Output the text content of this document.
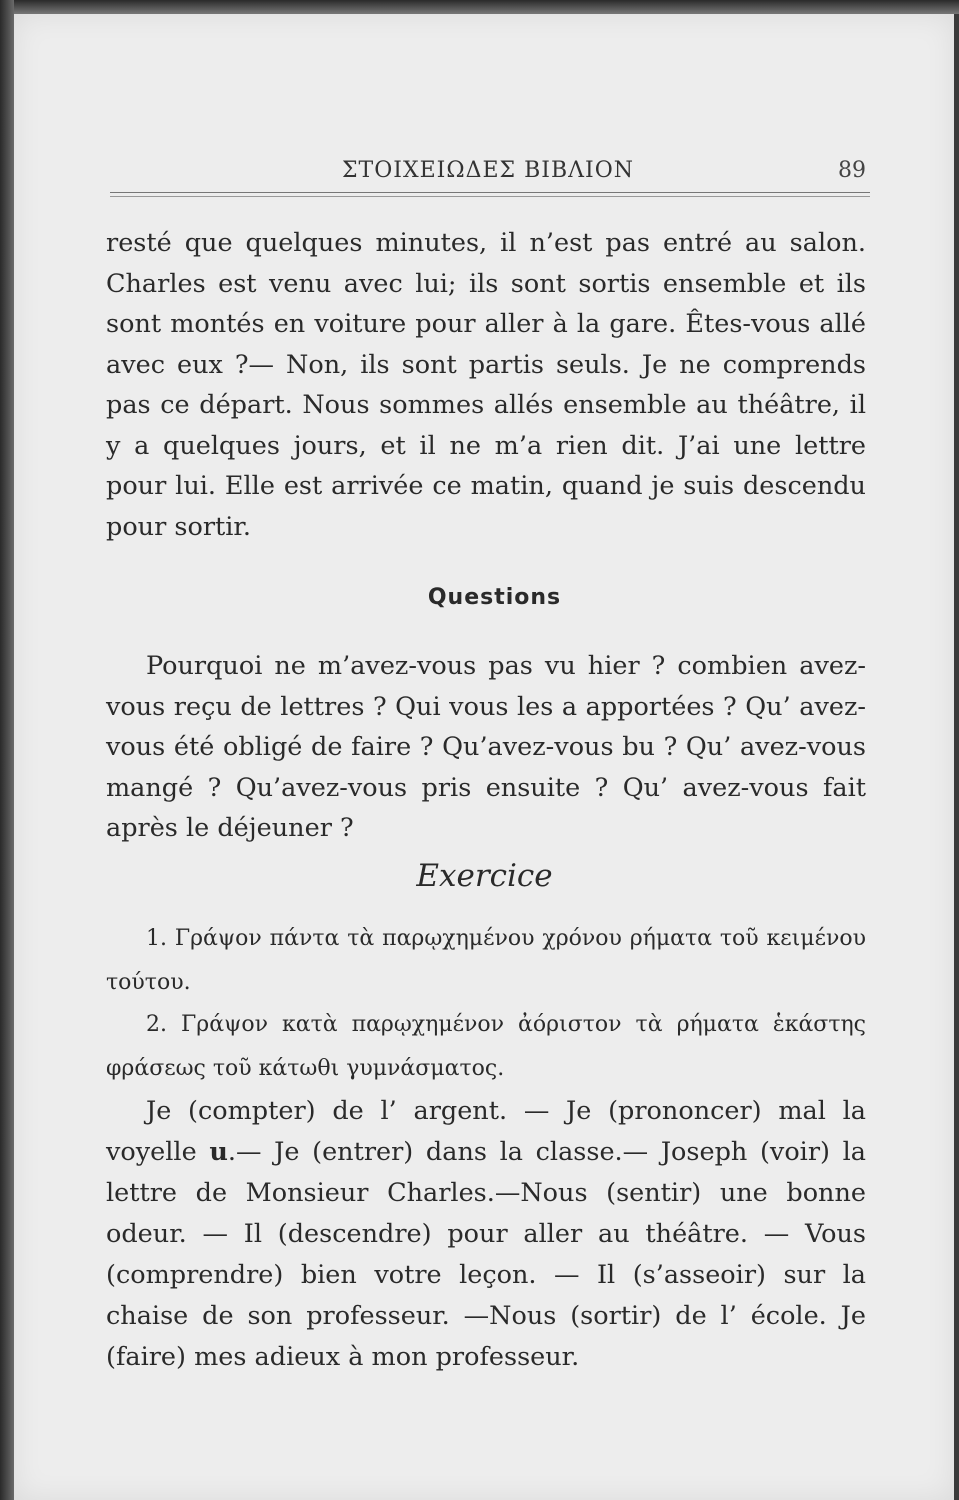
ΣΤΟΙΧΕΙΩΔΕΣ ΒΙΒΛΙΟΝ	89

resté que quelques minutes, il n’est pas entré au salon. Charles est venu avec lui; ils sont sortis ensemble et ils sont montés en voiture pour aller à la gare. Êtes-vous allé avec eux ?— Non, ils sont partis seuls. Je ne comprends pas ce départ. Nous sommes allés ensemble au théâtre, il y a quelques jours, et il ne m’a rien dit. J’ai une lettre pour lui. Elle est arrivée ce matin, quand je suis descendu pour sortir.

Questions

Pourquoi ne m’avez-vous pas vu hier ? combien avez-vous reçu de lettres ? Qui vous les a apportées ? Qu’ avez-vous été obligé de faire ? Qu’avez-vous bu ? Qu’ avez-vous mangé ? Qu’avez-vous pris ensuite ? Qu’ avez-vous fait après le déjeuner ?

Exercice

1. Γράψον πάντα τὰ παρῳχημένου χρόνου ρήματα τοῦ κειμένου τούτου.

2. Γράψον κατὰ παρῳχημένον ἀόριστον τὰ ρήματα ἑκάστης φράσεως τοῦ κάτωθι γυμνάσματος.

Je (compter) de l’ argent. — Je (prononcer) mal la voyelle u.— Je (entrer) dans la classe.— Joseph (voir) la lettre de Monsieur Charles.—Nous (sentir) une bonne odeur. — Il (descendre) pour aller au théâtre. — Vous (comprendre) bien votre leçon. — Il (s’asseoir) sur la chaise de son professeur. —Nous (sortir) de l’ école. Je (faire) mes adieux à mon professeur.
